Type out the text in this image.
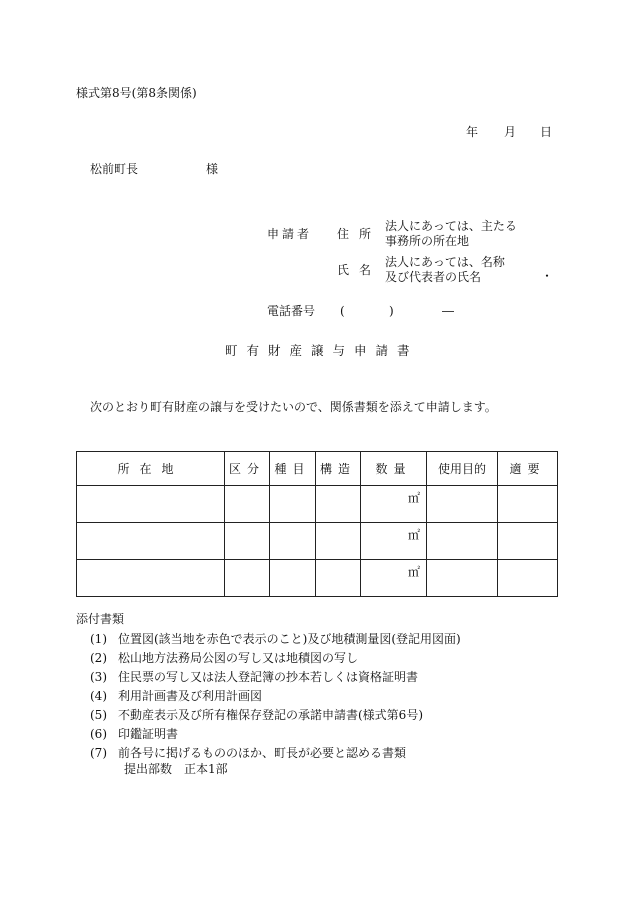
様式第8号(第8条関係)
年 月 日
松前町長	様
申請者 住所
法人にあっては、主たる
事務所の所在地
氏名
法人にあっては、名称
及び代表者の氏名	・
電話番号 (	)	―
町有財産譲与申請書
次のとおり町有財産の譲与を受けたいので、関係書類を添えて申請します。
所在地	区分	種目	構造	数量	使用目的	適要
				㎡		
				㎡		
				㎡		
添付書類
(1) 位置図(該当地を赤色で表示のこと)及び地積測量図(登記用図面)
(2) 松山地方法務局公図の写し又は地積図の写し
(3) 住民票の写し又は法人登記簿の抄本若しくは資格証明書
(4) 利用計画書及び利用計画図
(5) 不動産表示及び所有権保存登記の承諾申請書(様式第6号)
(6) 印鑑証明書
(7) 前各号に掲げるもののほか、町長が必要と認める書類
提出部数　正本1部
